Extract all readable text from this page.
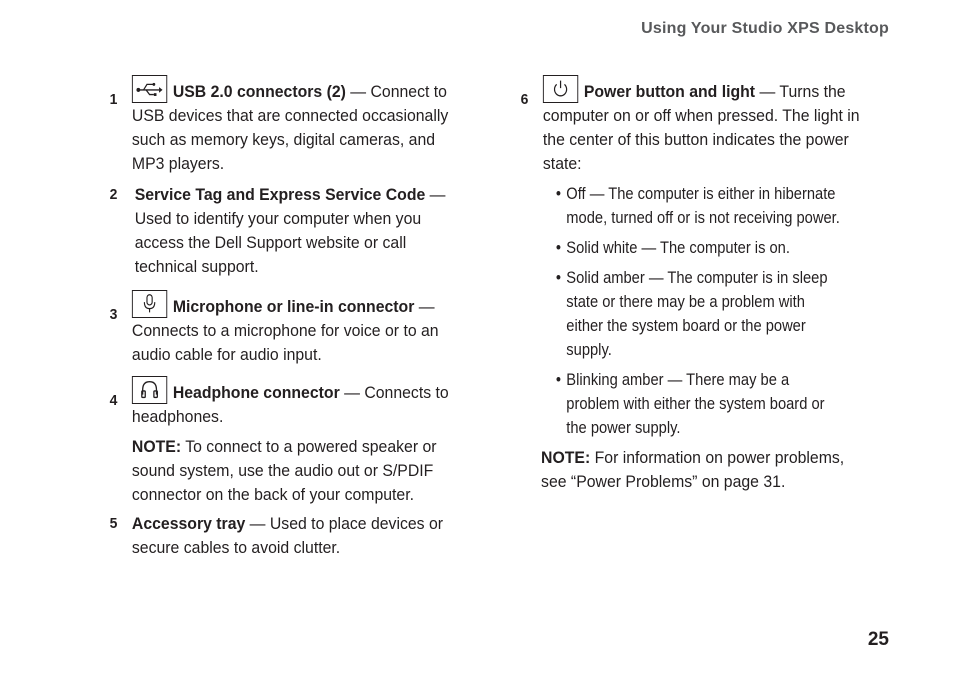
Using Your Studio XPS Desktop
1	USB 2.0 connectors (2) — Connect to USB devices that are connected occasionally such as memory keys, digital cameras, and MP3 players.
2 Service Tag and Express Service Code — Used to identify your computer when you access the Dell Support website or call technical support.
3	Microphone or line-in connector — Connects to a microphone for voice or to an audio cable for audio input.
4	Headphone connector — Connects to headphones.
NOTE: To connect to a powered speaker or sound system, use the audio out or S/PDIF connector on the back of your computer.
5 Accessory tray — Used to place devices or secure cables to avoid clutter.
6	Power button and light — Turns the computer on or off when pressed. The light in the center of this button indicates the power state:
• Off — The computer is either in hibernate mode, turned off or is not receiving power.
• Solid white — The computer is on.
• Solid amber — The computer is in sleep state or there may be a problem with either the system board or the power supply.
• Blinking amber — There may be a problem with either the system board or the power supply.
NOTE: For information on power problems, see “Power Problems” on page 31.
25
